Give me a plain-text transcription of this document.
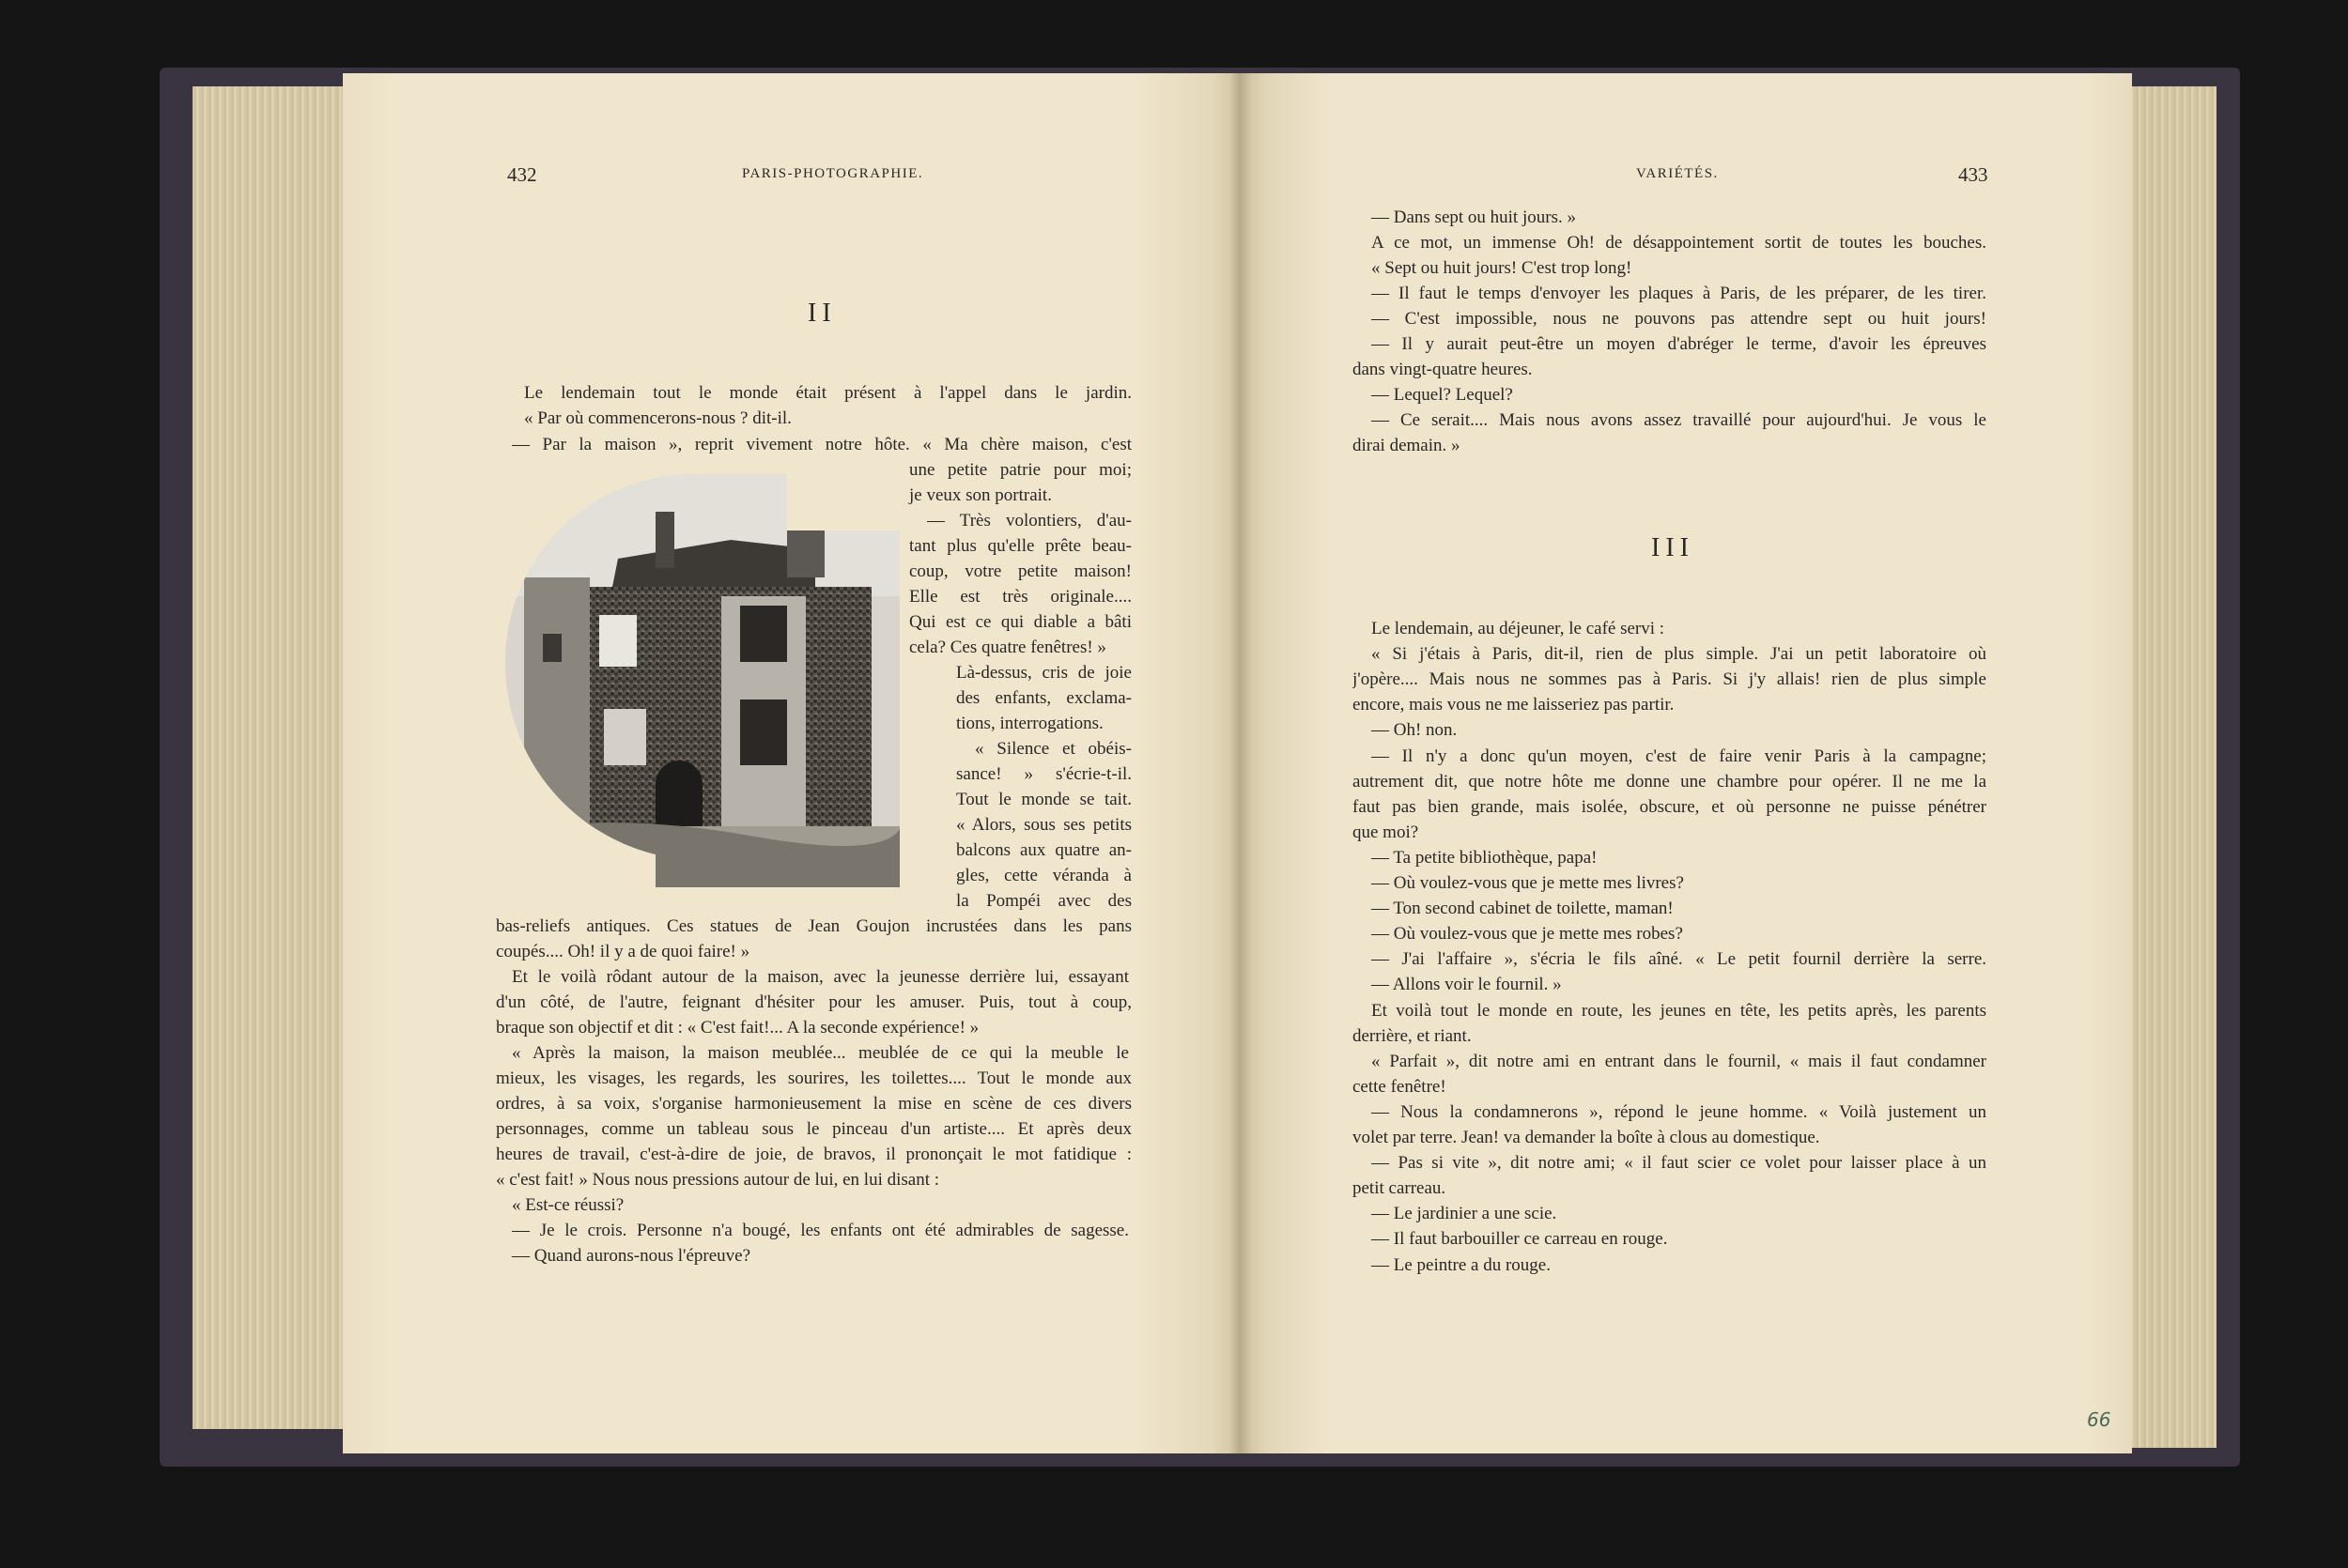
432	PARIS-PHOTOGRAPHIE.
II
Le lendemain tout le monde était présent à l'appel dans le jardin.
« Par où commencerons-nous ? dit-il.
— Par la maison », reprit vivement notre hôte. « Ma chère maison, c'est
une petite patrie pour moi;
je veux son portrait.
— Très volontiers, d'au-
tant plus qu'elle prête beau-
coup, votre petite maison!
Elle est très originale....
Qui est ce qui diable a bâti
cela? Ces quatre fenêtres! »
Là-dessus, cris de joie
des enfants, exclama-
tions, interrogations.
« Silence et obéis-
sance! » s'écrie-t-il.
Tout le monde se tait.
« Alors, sous ses petits
balcons aux quatre an-
gles, cette véranda à
la Pompéi avec des
bas-reliefs antiques. Ces statues de Jean Goujon incrustées dans les pans
coupés.... Oh! il y a de quoi faire! »
Et le voilà rôdant autour de la maison, avec la jeunesse derrière lui, essayant
d'un côté, de l'autre, feignant d'hésiter pour les amuser. Puis, tout à coup,
braque son objectif et dit : « C'est fait!... A la seconde expérience! »
« Après la maison, la maison meublée... meublée de ce qui la meuble le
mieux, les visages, les regards, les sourires, les toilettes.... Tout le monde aux
ordres, à sa voix, s'organise harmonieusement la mise en scène de ces divers
personnages, comme un tableau sous le pinceau d'un artiste.... Et après deux
heures de travail, c'est-à-dire de joie, de bravos, il prononçait le mot fatidique :
« c'est fait! » Nous nous pressions autour de lui, en lui disant :
« Est-ce réussi?
— Je le crois. Personne n'a bougé, les enfants ont été admirables de sagesse.
— Quand aurons-nous l'épreuve?
VARIÉTÉS.	433
— Dans sept ou huit jours. »
A ce mot, un immense Oh! de désappointement sortit de toutes les bouches.
« Sept ou huit jours! C'est trop long!
— Il faut le temps d'envoyer les plaques à Paris, de les préparer, de les tirer.
— C'est impossible, nous ne pouvons pas attendre sept ou huit jours!
— Il y aurait peut-être un moyen d'abréger le terme, d'avoir les épreuves
dans vingt-quatre heures.
— Lequel? Lequel?
— Ce serait.... Mais nous avons assez travaillé pour aujourd'hui. Je vous le
dirai demain. »
III
Le lendemain, au déjeuner, le café servi :
« Si j'étais à Paris, dit-il, rien de plus simple. J'ai un petit laboratoire où
j'opère.... Mais nous ne sommes pas à Paris. Si j'y allais! rien de plus simple
encore, mais vous ne me laisseriez pas partir.
— Oh! non.
— Il n'y a donc qu'un moyen, c'est de faire venir Paris à la campagne;
autrement dit, que notre hôte me donne une chambre pour opérer. Il ne me la
faut pas bien grande, mais isolée, obscure, et où personne ne puisse pénétrer
que moi?
— Ta petite bibliothèque, papa!
— Où voulez-vous que je mette mes livres?
— Ton second cabinet de toilette, maman!
— Où voulez-vous que je mette mes robes?
— J'ai l'affaire », s'écria le fils aîné. « Le petit fournil derrière la serre.
— Allons voir le fournil. »
Et voilà tout le monde en route, les jeunes en tête, les petits après, les parents
derrière, et riant.
« Parfait », dit notre ami en entrant dans le fournil, « mais il faut condamner
cette fenêtre!
— Nous la condamnerons », répond le jeune homme. « Voilà justement un
volet par terre. Jean! va demander la boîte à clous au domestique.
— Pas si vite », dit notre ami; « il faut scier ce volet pour laisser place à un
petit carreau.
— Le jardinier a une scie.
— Il faut barbouiller ce carreau en rouge.
— Le peintre a du rouge.
66
